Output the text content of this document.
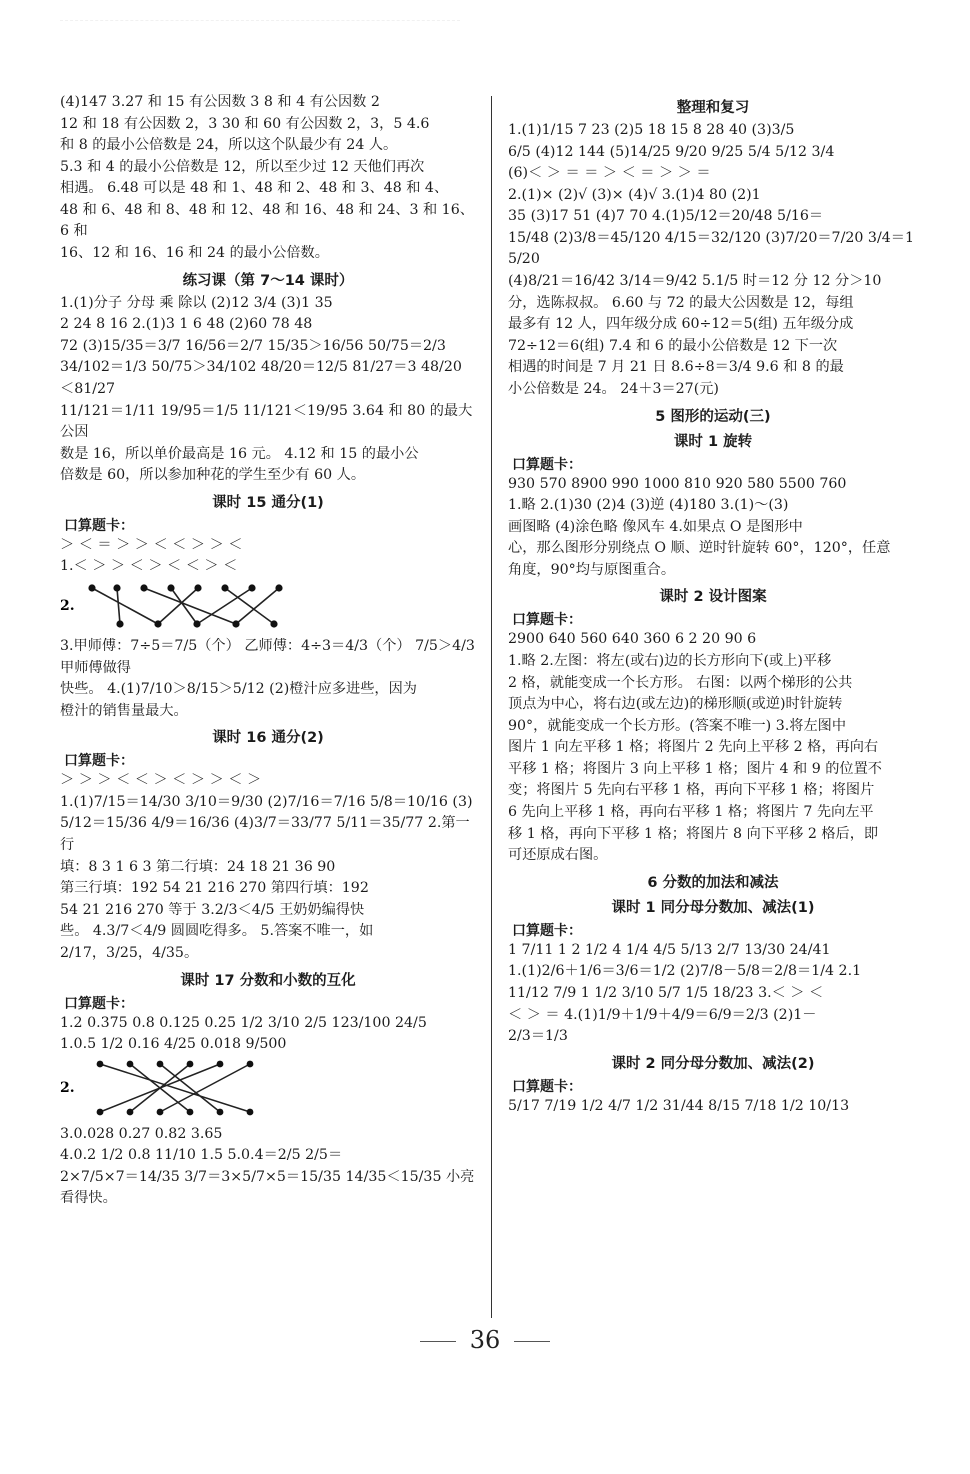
(4)147 3.27 和 15 有公因数 3 8 和 4 有公因数 2

12 和 18 有公因数 2，3 30 和 60 有公因数 2，3，5 4.6

和 8 的最小公倍数是 24，所以这个队最少有 24 人。

5.3 和 4 的最小公倍数是 12，所以至少过 12 天他们再次

相遇。 6.48 可以是 48 和 1、48 和 2、48 和 3、48 和 4、

48 和 6、48 和 8、48 和 12、48 和 16、48 和 24、3 和 16、6 和

16、12 和 16、16 和 24 的最小公倍数。

练习课（第 7～14 课时）

1.(1)分子 分母 乘 除以 (2)12 3/4 (3)1 35

2 24 8 16 2.(1)3 1 6 48 (2)60 78 48

72 (3)15/35＝3/7 16/56＝2/7 15/35＞16/56 50/75＝2/3

34/102＝1/3 50/75＞34/102 48/20＝12/5 81/27＝3 48/20＜81/27

11/121＝1/11 19/95＝1/5 11/121＜19/95 3.64 和 80 的最大公因

数是 16，所以单价最高是 16 元。 4.12 和 15 的最小公

倍数是 60，所以参加种花的学生至少有 60 人。

课时 15 通分(1)

口算题卡：

＞ ＜ ＝ ＞ ＞ ＜ ＜ ＞ ＞ ＜

1.＜ ＞ ＞ ＜ ＞ ＜ ＜ ＞ ＜

2.

3.甲师傅：7÷5＝7/5（个） 乙师傅：4÷3＝4/3（个） 7/5＞4/3 甲师傅做得

快些。 4.(1)7/10＞8/15＞5/12 (2)橙汁应多进些，因为

橙汁的销售量最大。

课时 16 通分(2)

口算题卡：

＞ ＞ ＞ ＜ ＜ ＞ ＜ ＞ ＞ ＜ ＞

1.(1)7/15＝14/30 3/10＝9/30 (2)7/16＝7/16 5/8＝10/16 (3)

5/12＝15/36 4/9＝16/36 (4)3/7＝33/77 5/11＝35/77 2.第一行

填：8 3 1 6 3 第二行填：24 18 21 36 90

第三行填：192 54 21 216 270 第四行填：192

54 21 216 270 等于 3.2/3＜4/5 王奶奶编得快

些。 4.3/7＜4/9 圆圆吃得多。 5.答案不唯一，如

2/17，3/25，4/35。

课时 17 分数和小数的互化

口算题卡：

1.2 0.375 0.8 0.125 0.25 1/2 3/10 2/5 123/100 24/5

1.0.5 1/2 0.16 4/25 0.018 9/500

2.

3.0.028 0.27 0.82 3.65

4.0.2 1/2 0.8 11/10 1.5 5.0.4＝2/5 2/5＝

2×7/5×7＝14/35 3/7＝3×5/7×5＝15/35 14/35＜15/35 小亮看得快。

整理和复习

1.(1)1/15 7 23 (2)5 18 15 8 28 40 (3)3/5

6/5 (4)12 144 (5)14/25 9/20 9/25 5/4 5/12 3/4

(6)＜ ＞ ＝ ＝ ＞ ＜ ＝ ＞ ＞ ＝

2.(1)× (2)√ (3)× (4)√ 3.(1)4 80 (2)1

35 (3)17 51 (4)7 70 4.(1)5/12＝20/48 5/16＝

15/48 (2)3/8＝45/120 4/15＝32/120 (3)7/20＝7/20 3/4＝15/20

(4)8/21＝16/42 3/14＝9/42 5.1/5 时＝12 分 12 分＞10

分，选陈叔叔。 6.60 与 72 的最大公因数是 12，每组

最多有 12 人，四年级分成 60÷12＝5(组) 五年级分成

72÷12＝6(组) 7.4 和 6 的最小公倍数是 12 下一次

相遇的时间是 7 月 21 日 8.6÷8＝3/4 9.6 和 8 的最

小公倍数是 24。 24＋3＝27(元)

5 图形的运动(三)

课时 1 旋转

口算题卡：

930 570 8900 990 1000 810 920 580 5500 760

1.略 2.(1)30 (2)4 (3)逆 (4)180 3.(1)～(3)

画图略 (4)涂色略 像风车 4.如果点 O 是图形中

心，那么图形分别绕点 O 顺、逆时针旋转 60°，120°，任意

角度，90°均与原图重合。

课时 2 设计图案

口算题卡：

2900 640 560 640 360 6 2 20 90 6

1.略 2.左图：将左(或右)边的长方形向下(或上)平移

2 格，就能变成一个长方形。 右图：以两个梯形的公共

顶点为中心，将右边(或左边)的梯形顺(或逆)时针旋转

90°，就能变成一个长方形。(答案不唯一) 3.将左图中

图片 1 向左平移 1 格；将图片 2 先向上平移 2 格，再向右

平移 1 格；将图片 3 向上平移 1 格；图片 4 和 9 的位置不

变；将图片 5 先向右平移 1 格，再向下平移 1 格；将图片

6 先向上平移 1 格，再向右平移 1 格；将图片 7 先向左平

移 1 格，再向下平移 1 格；将图片 8 向下平移 2 格后，即

可还原成右图。

6 分数的加法和减法

课时 1 同分母分数加、减法(1)

口算题卡：

1 7/11 1 2 1/2 4 1/4 4/5 5/13 2/7 13/30 24/41

1.(1)2/6＋1/6＝3/6＝1/2 (2)7/8－5/8＝2/8＝1/4 2.1

11/12 7/9 1 1/2 3/10 5/7 1/5 18/23 3.＜ ＞ ＜

＜ ＞ ＝ 4.(1)1/9＋1/9＋4/9＝6/9＝2/3 (2)1－

2/3＝1/3

课时 2 同分母分数加、减法(2)

口算题卡：

5/17 7/19 1/2 4/7 1/2 31/44 8/15 7/18 1/2 10/13

36
